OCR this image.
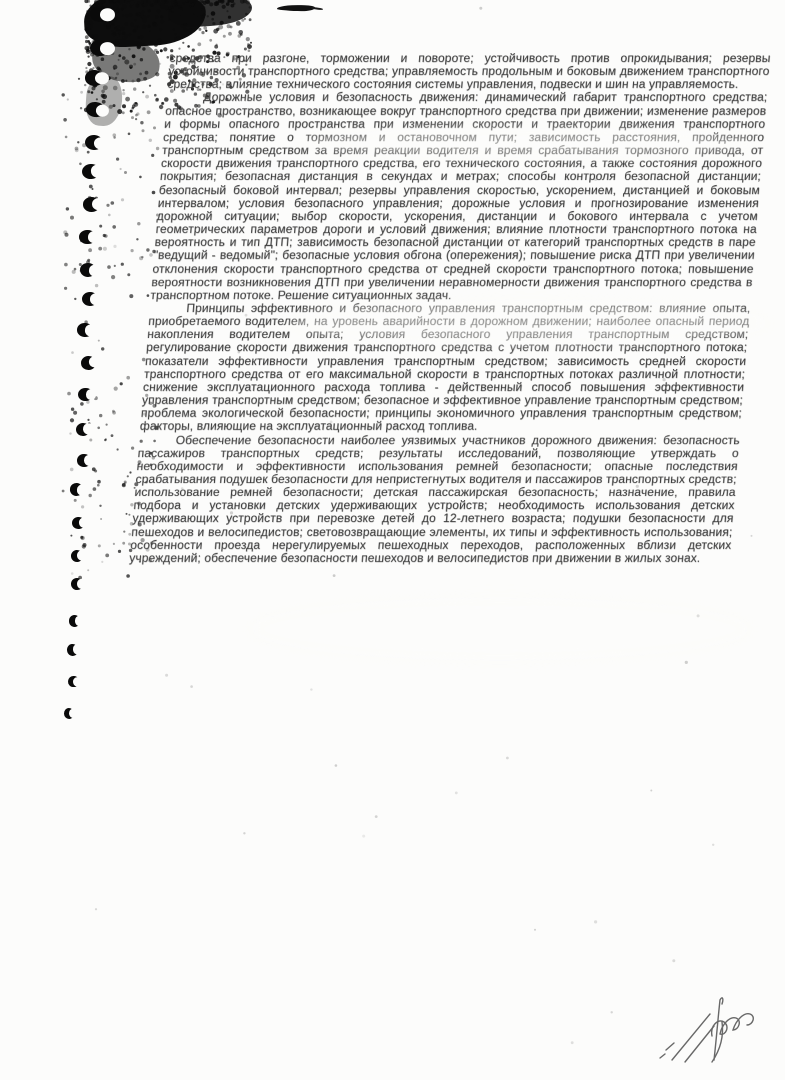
средства при разгоне, торможении и повороте; устойчивость против опрокидывания; резервы устойчивости транспортного средства; управляемость продольным и боковым движением транспортного средства; влияние технического состояния системы управления, подвески и шин на управляемость.

Дорожные условия и безопасность движения: динамический габарит транспортного средства; опасное пространство, возникающее вокруг транспортного средства при движении; изменение размеров и формы опасного пространства при изменении скорости и траектории движения транспортного средства; понятие о тормозном и остановочном пути; зависимость расстояния, пройденного транспортным средством за время реакции водителя и время срабатывания тормозного привода, от скорости движения транспортного средства, его технического состояния, а также состояния дорожного покрытия; безопасная дистанция в секундах и метрах; способы контроля безопасной дистанции; безопасный боковой интервал; резервы управления скоростью, ускорением, дистанцией и боковым интервалом; условия безопасного управления; дорожные условия и прогнозирование изменения дорожной ситуации; выбор скорости, ускорения, дистанции и бокового интервала с учетом геометрических параметров дороги и условий движения; влияние плотности транспортного потока на вероятность и тип ДТП; зависимость безопасной дистанции от категорий транспортных средств в паре "ведущий - ведомый"; безопасные условия обгона (опережения); повышение риска ДТП при увеличении отклонения скорости транспортного средства от средней скорости транспортного потока; повышение вероятности возникновения ДТП при увеличении неравномерности движения транспортного средства в транспортном потоке. Решение ситуационных задач.

Принципы эффективного и безопасного управления транспортным средством: влияние опыта, приобретаемого водителем, на уровень аварийности в дорожном движении; наиболее опасный период накопления водителем опыта; условия безопасного управления транспортным средством; регулирование скорости движения транспортного средства с учетом плотности транспортного потока; показатели эффективности управления транспортным средством; зависимость средней скорости транспортного средства от его максимальной скорости в транспортных потоках различной плотности; снижение эксплуатационного расхода топлива - действенный способ повышения эффективности управления транспортным средством; безопасное и эффективное управление транспортным средством; проблема экологической безопасности; принципы экономичного управления транспортным средством; факторы, влияющие на эксплуатационный расход топлива.

Обеспечение безопасности наиболее уязвимых участников дорожного движения: безопасность пассажиров транспортных средств; результаты исследований, позволяющие утверждать о необходимости и эффективности использования ремней безопасности; опасные последствия срабатывания подушек безопасности для непристегнутых водителя и пассажиров транспортных средств; использование ремней безопасности; детская пассажирская безопасность; назначение, правила подбора и установки детских удерживающих устройств; необходимость использования детских удерживающих устройств при перевозке детей до 12-летнего возраста; подушки безопасности для пешеходов и велосипедистов; световозвращающие элементы, их типы и эффективность использования; особенности проезда нерегулируемых пешеходных переходов, расположенных вблизи детских учреждений; обеспечение безопасности пешеходов и велосипедистов при движении в жилых зонах.
